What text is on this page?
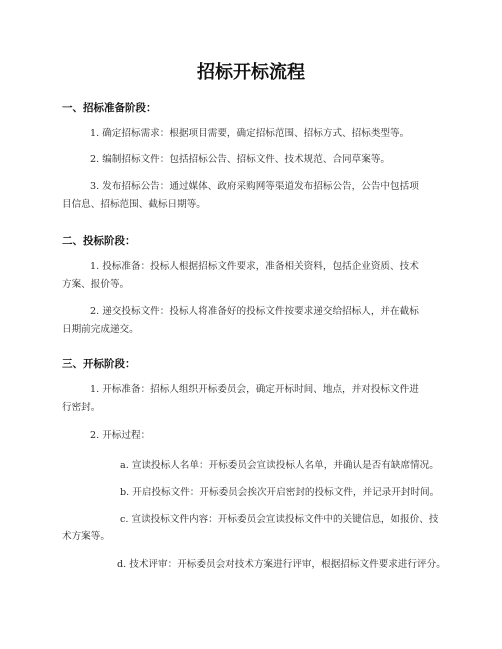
招标开标流程
一、招标准备阶段：
1. 确定招标需求：根据项目需要，确定招标范围、招标方式、招标类型等。
2. 编制招标文件：包括招标公告、招标文件、技术规范、合同草案等。
3. 发布招标公告：通过媒体、政府采购网等渠道发布招标公告，公告中包括项
目信息、招标范围、截标日期等。
二、投标阶段：
1. 投标准备：投标人根据招标文件要求，准备相关资料，包括企业资质、技术
方案、报价等。
2. 递交投标文件：投标人将准备好的投标文件按要求递交给招标人，并在截标
日期前完成递交。
三、开标阶段：
1. 开标准备：招标人组织开标委员会，确定开标时间、地点，并对投标文件进
行密封。
2. 开标过程：
a. 宣读投标人名单：开标委员会宣读投标人名单，并确认是否有缺席情况。
b. 开启投标文件：开标委员会挨次开启密封的投标文件，并记录开封时间。
c. 宣读投标文件内容：开标委员会宣读投标文件中的关键信息，如报价、技
术方案等。
d. 技术评审：开标委员会对技术方案进行评审，根据招标文件要求进行评分。
